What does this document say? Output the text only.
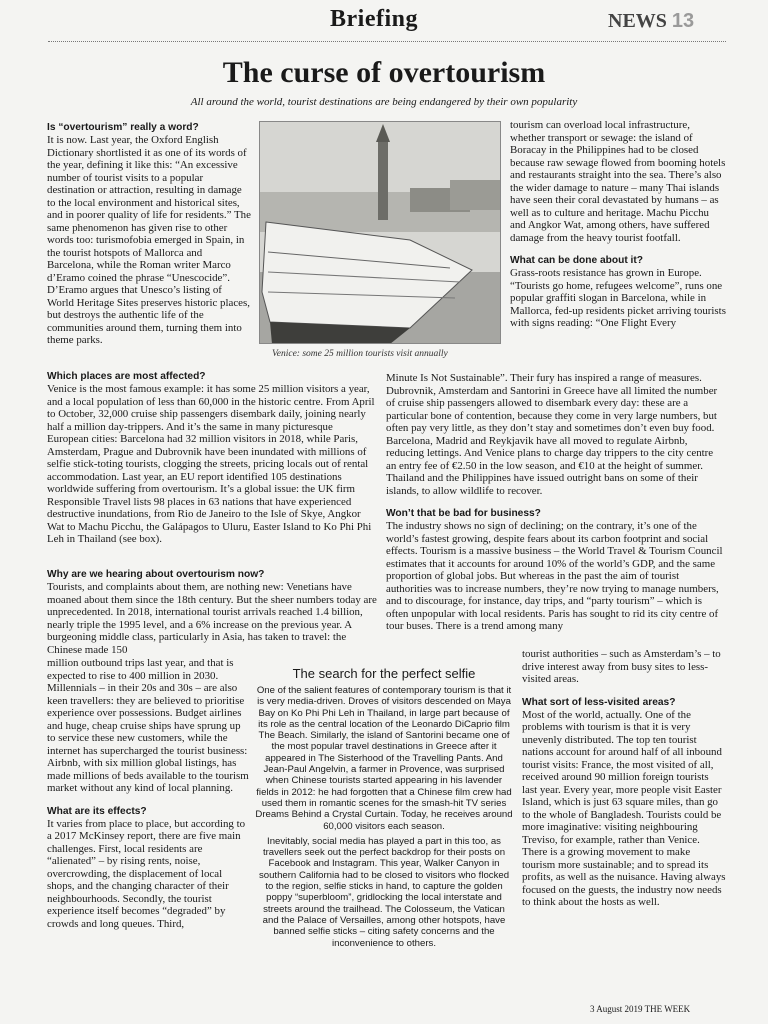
Briefing	NEWS 13
The curse of overtourism
All around the world, tourist destinations are being endangered by their own popularity
Is “overtourism” really a word?

It is now. Last year, the Oxford English Dictionary shortlisted it as one of its words of the year, defining it like this: “An excessive number of tourist visits to a popular destination or attraction, resulting in damage to the local environment and historical sites, and in poorer quality of life for residents.” The same phenomenon has given rise to other words too: turismofobia emerged in Spain, in the tourist hotspots of Mallorca and Barcelona, while the Roman writer Marco d’Eramo coined the phrase “Unescocide”. D’Eramo argues that Unesco’s listing of World Heritage Sites preserves historic places, but destroys the authentic life of the communities around them, turning them into theme parks.

Venice: some 25 million tourists visit annually

tourism can overload local infrastructure, whether transport or sewage: the island of Boracay in the Philippines had to be closed because raw sewage flowed from booming hotels and restaurants straight into the sea. There’s also the wider damage to nature – many Thai islands have seen their coral devastated by humans – as well as to culture and heritage. Machu Picchu and Angkor Wat, among others, have suffered damage from the heavy tourist footfall.

What can be done about it?

Grass-roots resistance has grown in Europe. “Tourists go home, refugees welcome”, runs one popular graffiti slogan in Barcelona, while in Mallorca, fed-up residents picket arriving tourists with signs reading: “One Flight Every

Which places are most affected?

Venice is the most famous example: it has some 25 million visitors a year, and a local population of less than 60,000 in the historic centre. From April to October, 32,000 cruise ship passengers disembark daily, joining nearly half a million day-trippers. And it’s the same in many picturesque European cities: Barcelona had 32 million visitors in 2018, while Paris, Amsterdam, Prague and Dubrovnik have been inundated with millions of selfie stick-toting tourists, clogging the streets, pricing locals out of rental accommodation. Last year, an EU report identified 105 destinations worldwide suffering from overtourism. It’s a global issue: the UK firm Responsible Travel lists 98 places in 63 nations that have experienced destructive inundations, from Rio de Janeiro to the Isle of Skye, Angkor Wat to Machu Picchu, the Galápagos to Uluru, Easter Island to Ko Phi Phi Leh in Thailand (see box).

Minute Is Not Sustainable”. Their fury has inspired a range of measures. Dubrovnik, Amsterdam and Santorini in Greece have all limited the number of cruise ship passengers allowed to disembark every day: these are a particular bone of contention, because they come in very large numbers, but often pay very little, as they don’t stay and sometimes don’t even buy food. Barcelona, Madrid and Reykjavik have all moved to regulate Airbnb, reducing lettings. And Venice plans to charge day trippers to the city centre an entry fee of €2.50 in the low season, and €10 at the height of summer. Thailand and the Philippines have issued outright bans on some of their islands, to allow wildlife to recover.

Won’t that be bad for business?

The industry shows no sign of declining; on the contrary, it’s one of the world’s fastest growing, despite fears about its carbon footprint and social effects. Tourism is a massive business – the World Travel & Tourism Council estimates that it accounts for around 10% of the world’s GDP, and the same proportion of global jobs. But whereas in the past the aim of tourist authorities was to increase numbers, they’re now trying to manage numbers, and to discourage, for instance, day trips, and “party tourism” – which is often unpopular with local residents. Paris has sought to rid its city centre of tour buses. There is a trend among many

Why are we hearing about overtourism now?

Tourists, and complaints about them, are nothing new: Venetians have moaned about them since the 18th century. But the sheer numbers today are unprecedented. In 2018, international tourist arrivals reached 1.4 billion, nearly triple the 1995 level, and a 6% increase on the previous year. A burgeoning middle class, particularly in Asia, has taken to travel: the Chinese made 150

million outbound trips last year, and that is expected to rise to 400 million in 2030. Millennials – in their 20s and 30s – are also keen travellers: they are believed to prioritise experience over possessions. Budget airlines and huge, cheap cruise ships have sprung up to service these new customers, while the internet has supercharged the tourist business: Airbnb, with six million global listings, has made millions of beds available to the tourism market without any kind of local planning.

What are its effects?

It varies from place to place, but according to a 2017 McKinsey report, there are five main challenges. First, local residents are “alienated” – by rising rents, noise, overcrowding, the displacement of local shops, and the changing character of their neighbourhoods. Secondly, the tourist experience itself becomes “degraded” by crowds and long queues. Third,

The search for the perfect selfie

One of the salient features of contemporary tourism is that it is very media-driven. Droves of visitors descended on Maya Bay on Ko Phi Phi Leh in Thailand, in large part because of its role as the central location of the Leonardo DiCaprio film The Beach. Similarly, the island of Santorini became one of the most popular travel destinations in Greece after it appeared in The Sisterhood of the Travelling Pants. And Jean-Paul Angelvin, a farmer in Provence, was surprised when Chinese tourists started appearing in his lavender fields in 2012: he had forgotten that a Chinese film crew had used them in romantic scenes for the smash-hit TV series Dreams Behind a Crystal Curtain. Today, he receives around 60,000 visitors each season.

Inevitably, social media has played a part in this too, as travellers seek out the perfect backdrop for their posts on Facebook and Instagram. This year, Walker Canyon in southern California had to be closed to visitors who flocked to the region, selfie sticks in hand, to capture the golden poppy “superbloom”, gridlocking the local interstate and streets around the trailhead. The Colosseum, the Vatican and the Palace of Versailles, among other hotspots, have banned selfie sticks – citing safety concerns and the inconvenience to others.

tourist authorities – such as Amsterdam’s – to drive interest away from busy sites to less-visited areas.

What sort of less-visited areas?

Most of the world, actually. One of the problems with tourism is that it is very unevenly distributed. The top ten tourist nations account for around half of all inbound tourist visits: France, the most visited of all, received around 90 million foreign tourists last year. Every year, more people visit Easter Island, which is just 63 square miles, than go to the whole of Bangladesh. Tourists could be more imaginative: visiting neighbouring Treviso, for example, rather than Venice. There is a growing movement to make tourism more sustainable; and to spread its profits, as well as the nuisance. Having always focused on the guests, the industry now needs to think about the hosts as well.

3 August 2019 THE WEEK
